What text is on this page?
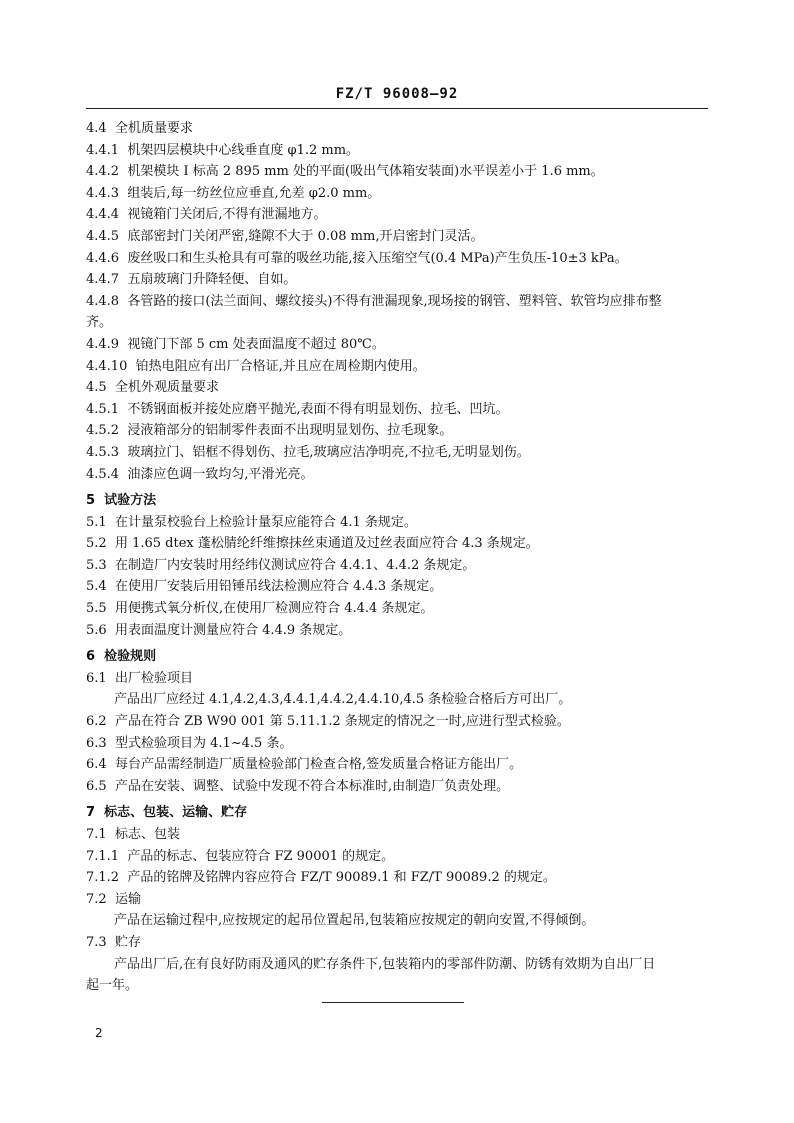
FZ/T 96008—92
4.4 全机质量要求
4.4.1 机架四层模块中心线垂直度 φ1.2 mm。
4.4.2 机架模块 I 标高 2 895 mm 处的平面(吸出气体箱安装面)水平误差小于 1.6 mm。
4.4.3 组装后,每一纺丝位应垂直,允差 φ2.0 mm。
4.4.4 视镜箱门关闭后,不得有泄漏地方。
4.4.5 底部密封门关闭严密,缝隙不大于 0.08 mm,开启密封门灵活。
4.4.6 废丝吸口和生头枪具有可靠的吸丝功能,接入压缩空气(0.4 MPa)产生负压-10±3 kPa。
4.4.7 五扇玻璃门升降轻便、自如。
4.4.8 各管路的接口(法兰面间、螺纹接头)不得有泄漏现象,现场接的钢管、塑料管、软管均应排布整
齐。
4.4.9 视镜门下部 5 cm 处表面温度不超过 80℃。
4.4.10 铂热电阻应有出厂合格证,并且应在周检期内使用。
4.5 全机外观质量要求
4.5.1 不锈钢面板并接处应磨平抛光,表面不得有明显划伤、拉毛、凹坑。
4.5.2 浸液箱部分的铝制零件表面不出现明显划伤、拉毛现象。
4.5.3 玻璃拉门、铝框不得划伤、拉毛,玻璃应洁净明亮,不拉毛,无明显划伤。
4.5.4 油漆应色调一致均匀,平滑光亮。
5 试验方法
5.1 在计量泵校验台上检验计量泵应能符合 4.1 条规定。
5.2 用 1.65 dtex 蓬松腈纶纤维擦抹丝束通道及过丝表面应符合 4.3 条规定。
5.3 在制造厂内安装时用经纬仪测试应符合 4.4.1、4.4.2 条规定。
5.4 在使用厂安装后用铅锤吊线法检测应符合 4.4.3 条规定。
5.5 用便携式氧分析仪,在使用厂检测应符合 4.4.4 条规定。
5.6 用表面温度计测量应符合 4.4.9 条规定。
6 检验规则
6.1 出厂检验项目
产品出厂应经过 4.1,4.2,4.3,4.4.1,4.4.2,4.4.10,4.5 条检验合格后方可出厂。
6.2 产品在符合 ZB W90 001 第 5.11.1.2 条规定的情况之一时,应进行型式检验。
6.3 型式检验项目为 4.1~4.5 条。
6.4 每台产品需经制造厂质量检验部门检查合格,签发质量合格证方能出厂。
6.5 产品在安装、调整、试验中发现不符合本标准时,由制造厂负责处理。
7 标志、包装、运输、贮存
7.1 标志、包装
7.1.1 产品的标志、包装应符合 FZ 90001 的规定。
7.1.2 产品的铭牌及铭牌内容应符合 FZ/T 90089.1 和 FZ/T 90089.2 的规定。
7.2 运输
产品在运输过程中,应按规定的起吊位置起吊,包装箱应按规定的朝向安置,不得倾倒。
7.3 贮存
产品出厂后,在有良好防雨及通风的贮存条件下,包装箱内的零部件防潮、防锈有效期为自出厂日
起一年。
2
